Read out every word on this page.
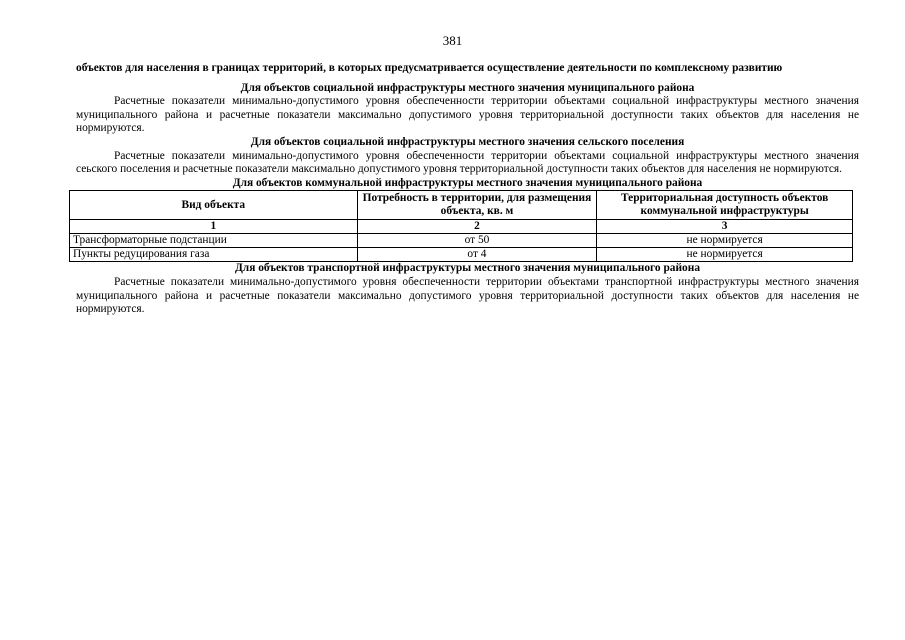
381
объектов для населения в границах территорий, в которых предусматривается осуществление деятельности по комплексному развитию
Для объектов социальной инфраструктуры местного значения муниципального района
Расчетные показатели минимально-допустимого уровня обеспеченности территории объектами социальной инфраструктуры местного значения муниципального района и расчетные показатели максимально допустимого уровня территориальной доступности таких объектов для населения не нормируются.
Для объектов социальной инфраструктуры местного значения сельского поселения
Расчетные показатели минимально-допустимого уровня обеспеченности территории объектами социальной инфраструктуры местного значения сеьского поселения и расчетные показатели максимально допустимого уровня территориальной доступности таких объектов для населения не нормируются.
Для объектов коммунальной инфраструктуры местного значения муниципального района
Вид объекта	Потребность в территории, для размещения объекта, кв. м	Территориальная доступность объектов коммунальной инфраструктуры
1	2	3
Трансформаторные подстанции	от 50	не нормируется
Пункты редуцирования газа	от 4	не нормируется
Для объектов транспортной инфраструктуры местного значения муниципального района
Расчетные показатели минимально-допустимого уровня обеспеченности территории объектами транспортной инфраструктуры местного значения муниципального района и расчетные показатели максимально допустимого уровня территориальной доступности таких объектов для населения не нормируются.
